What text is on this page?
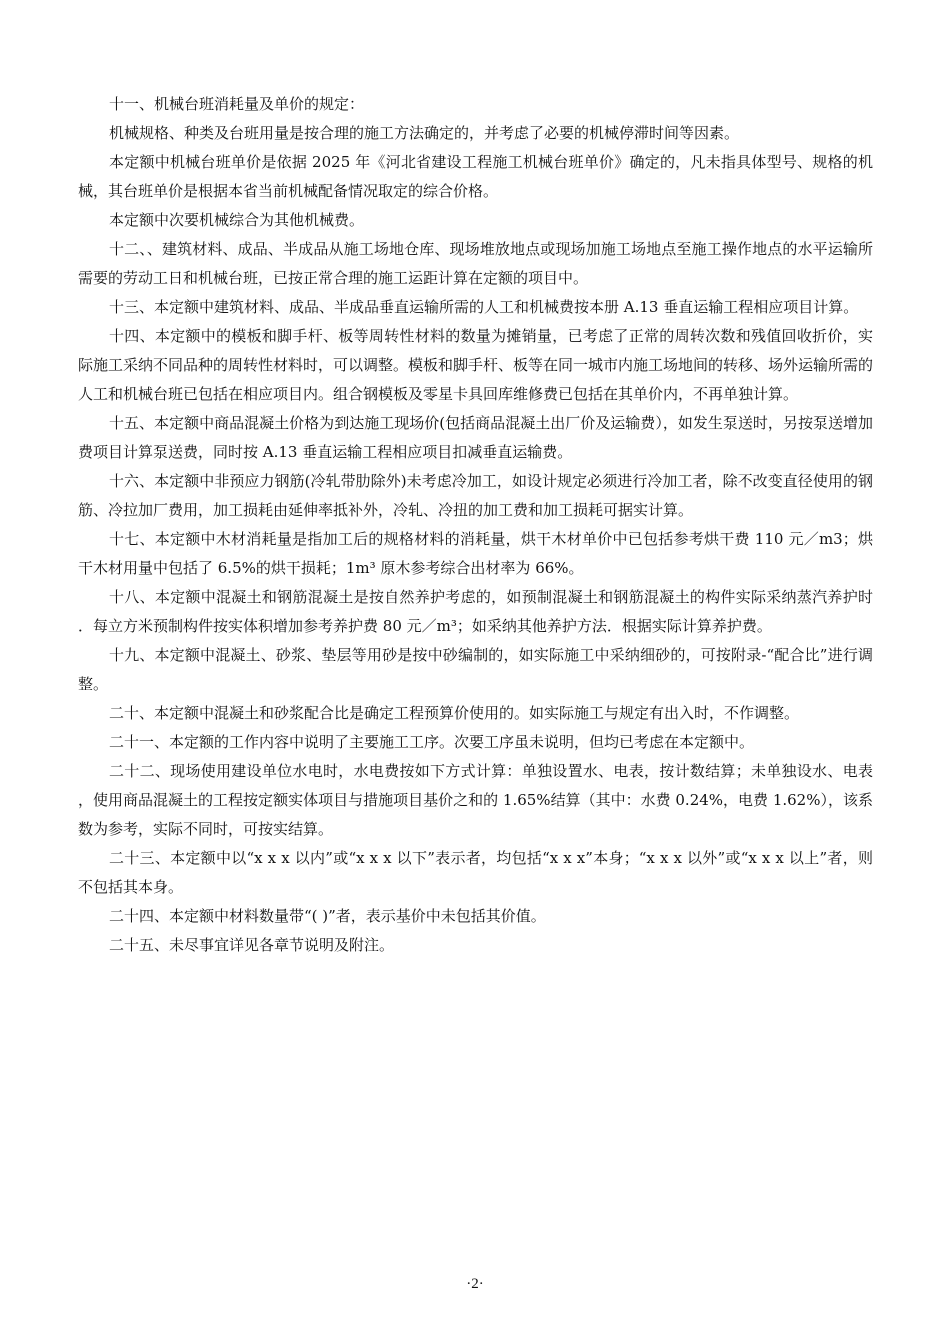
十一、机械台班消耗量及单价的规定：

机械规格、种类及台班用量是按合理的施工方法确定的，并考虑了必要的机械停滞时间等因素。

本定额中机械台班单价是依据 2025 年《河北省建设工程施工机械台班单价》确定的，凡未指具体型号、规格的机械，其台班单价是根据本省当前机械配备情况取定的综合价格。

本定额中次要机械综合为其他机械费。

十二、、建筑材料、成品、半成品从施工场地仓库、现场堆放地点或现场加施工场地点至施工操作地点的水平运输所需要的劳动工日和机械台班，已按正常合理的施工运距计算在定额的项目中。

十三、本定额中建筑材料、成品、半成品垂直运输所需的人工和机械费按本册 A.13 垂直运输工程相应项目计算。

十四、本定额中的模板和脚手杆、板等周转性材料的数量为摊销量，已考虑了正常的周转次数和残值回收折价，实际施工采纳不同品种的周转性材料时，可以调整。模板和脚手杆、板等在同一城市内施工场地间的转移、场外运输所需的人工和机械台班已包括在相应项目内。组合钢模板及零星卡具回库维修费已包括在其单价内，不再单独计算。

十五、本定额中商品混凝土价格为到达施工现场价(包括商品混凝土出厂价及运输费），如发生泵送时，另按泵送增加费项目计算泵送费，同时按 A.13 垂直运输工程相应项目扣减垂直运输费。

十六、本定额中非预应力钢筋(冷轧带肋除外)未考虑冷加工，如设计规定必须进行冷加工者，除不改变直径使用的钢筋、冷拉加厂费用，加工损耗由延伸率抵补外，冷轧、冷扭的加工费和加工损耗可据实计算。

十七、本定额中木材消耗量是指加工后的规格材料的消耗量，烘干木材单价中已包括参考烘干费 110 元／m3；烘干木材用量中包括了 6.5%的烘干损耗；1m³ 原木参考综合出材率为 66%。

十八、本定额中混凝土和钢筋混凝土是按自然养护考虑的，如预制混凝土和钢筋混凝土的构件实际采纳蒸汽养护时．每立方米预制构件按实体积增加参考养护费 80 元／m³；如采纳其他养护方法．根据实际计算养护费。

十九、本定额中混凝土、砂浆、垫层等用砂是按中砂编制的，如实际施工中采纳细砂的，可按附录-“配合比”进行调整。

二十、本定额中混凝土和砂浆配合比是确定工程预算价使用的。如实际施工与规定有出入时，不作调整。

二十一、本定额的工作内容中说明了主要施工工序。次要工序虽未说明，但均已考虑在本定额中。

二十二、现场使用建设单位水电时，水电费按如下方式计算：单独设置水、电表，按计数结算；未单独设水、电表，使用商品混凝土的工程按定额实体项目与措施项目基价之和的 1.65%结算（其中：水费 0.24%，电费 1.62%），该系数为参考，实际不同时，可按实结算。

二十三、本定额中以“x x x 以内”或“x x x 以下”表示者，均包括“x x x”本身；“x x x 以外”或“x x x 以上”者，则不包括其本身。

二十四、本定额中材料数量带“( )”者，表示基价中未包括其价值。

二十五、未尽事宜详见各章节说明及附注。

·2·
